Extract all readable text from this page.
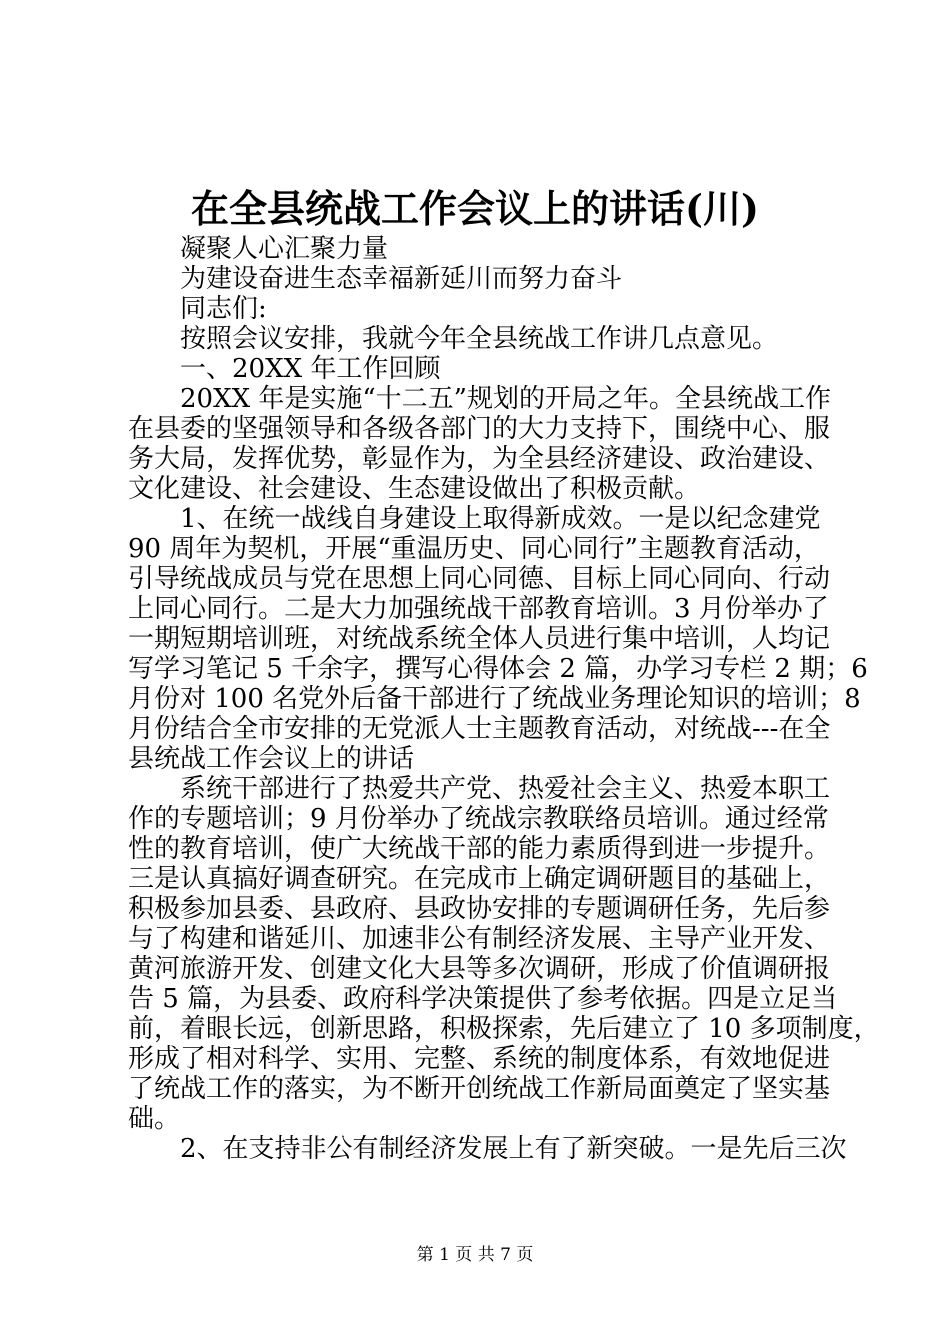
在全县统战工作会议上的讲话(川)
凝聚人心汇聚力量
为建设奋进生态幸福新延川而努力奋斗
同志们:
按照会议安排，我就今年全县统战工作讲几点意见。
一、20XX 年工作回顾
20XX 年是实施“十二五”规划的开局之年。全县统战工作
在县委的坚强领导和各级各部门的大力支持下，围绕中心、服
务大局，发挥优势，彰显作为，为全县经济建设、政治建设、
文化建设、社会建设、生态建设做出了积极贡献。
1、在统一战线自身建设上取得新成效。一是以纪念建党
90 周年为契机，开展“重温历史、同心同行”主题教育活动，
引导统战成员与党在思想上同心同德、目标上同心同向、行动
上同心同行。二是大力加强统战干部教育培训。3 月份举办了
一期短期培训班，对统战系统全体人员进行集中培训，人均记
写学习笔记 5 千余字，撰写心得体会 2 篇，办学习专栏 2 期；6
月份对 100 名党外后备干部进行了统战业务理论知识的培训；8
月份结合全市安排的无党派人士主题教育活动，对统战---在全
县统战工作会议上的讲话
系统干部进行了热爱共产党、热爱社会主义、热爱本职工
作的专题培训；9 月份举办了统战宗教联络员培训。通过经常
性的教育培训，使广大统战干部的能力素质得到进一步提升。
三是认真搞好调查研究。在完成市上确定调研题目的基础上，
积极参加县委、县政府、县政协安排的专题调研任务，先后参
与了构建和谐延川、加速非公有制经济发展、主导产业开发、
黄河旅游开发、创建文化大县等多次调研，形成了价值调研报
告 5 篇，为县委、政府科学决策提供了参考依据。四是立足当
前，着眼长远，创新思路，积极探索，先后建立了 10 多项制度，
形成了相对科学、实用、完整、系统的制度体系，有效地促进
了统战工作的落实，为不断开创统战工作新局面奠定了坚实基
础。
2、在支持非公有制经济发展上有了新突破。一是先后三次
第 1 页 共 7 页
